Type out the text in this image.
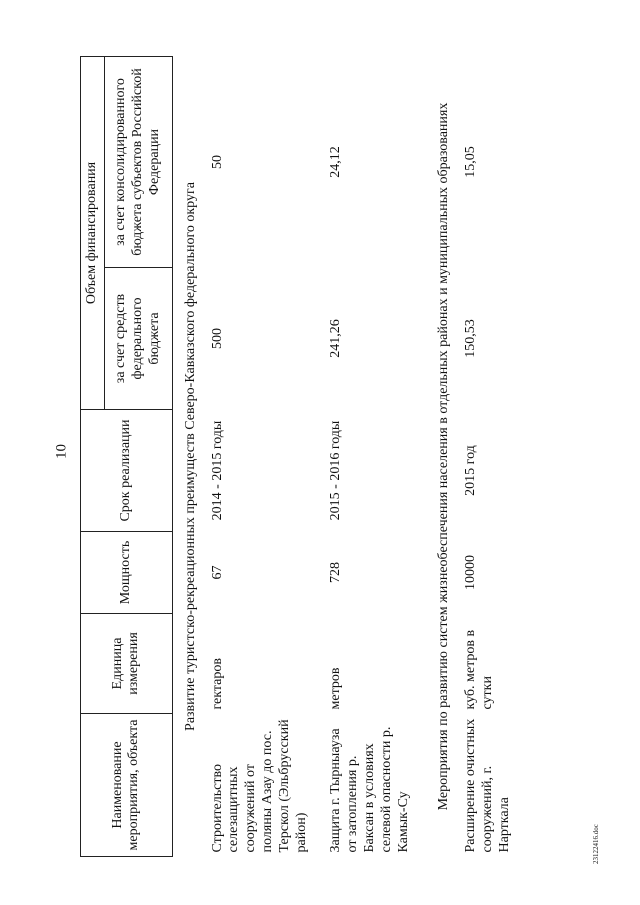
10
23122416.doc
Наименование мероприятия, объекта	Единица измерения	Мощность	Срок реализации	Объем финансирования	
				за счет средств федерального бюджета	за счет консолидированного бюджета субъектов Российской Федерации
Развитие туристско-рекреационных преимуществ Северо-Кавказского федерального округа					
Строительство селезащитных сооружений от поляны Азау до пос. Терскол (Эльбрусский район)	гектаров	67	2014 - 2015 годы	500	50
Защита г. Тырныауза от затопления р. Баксан в условиях селевой опасности р. Камык-Су	метров	728	2015 - 2016 годы	241,26	24,12
Мероприятия по развитию систем жизнеобеспечения населения в отдельных районах и муниципальных образованиях					
Расширение очистных сооружений, г. Нарткала	куб. метров в сутки	10000	2015 год	150,53	15,05
